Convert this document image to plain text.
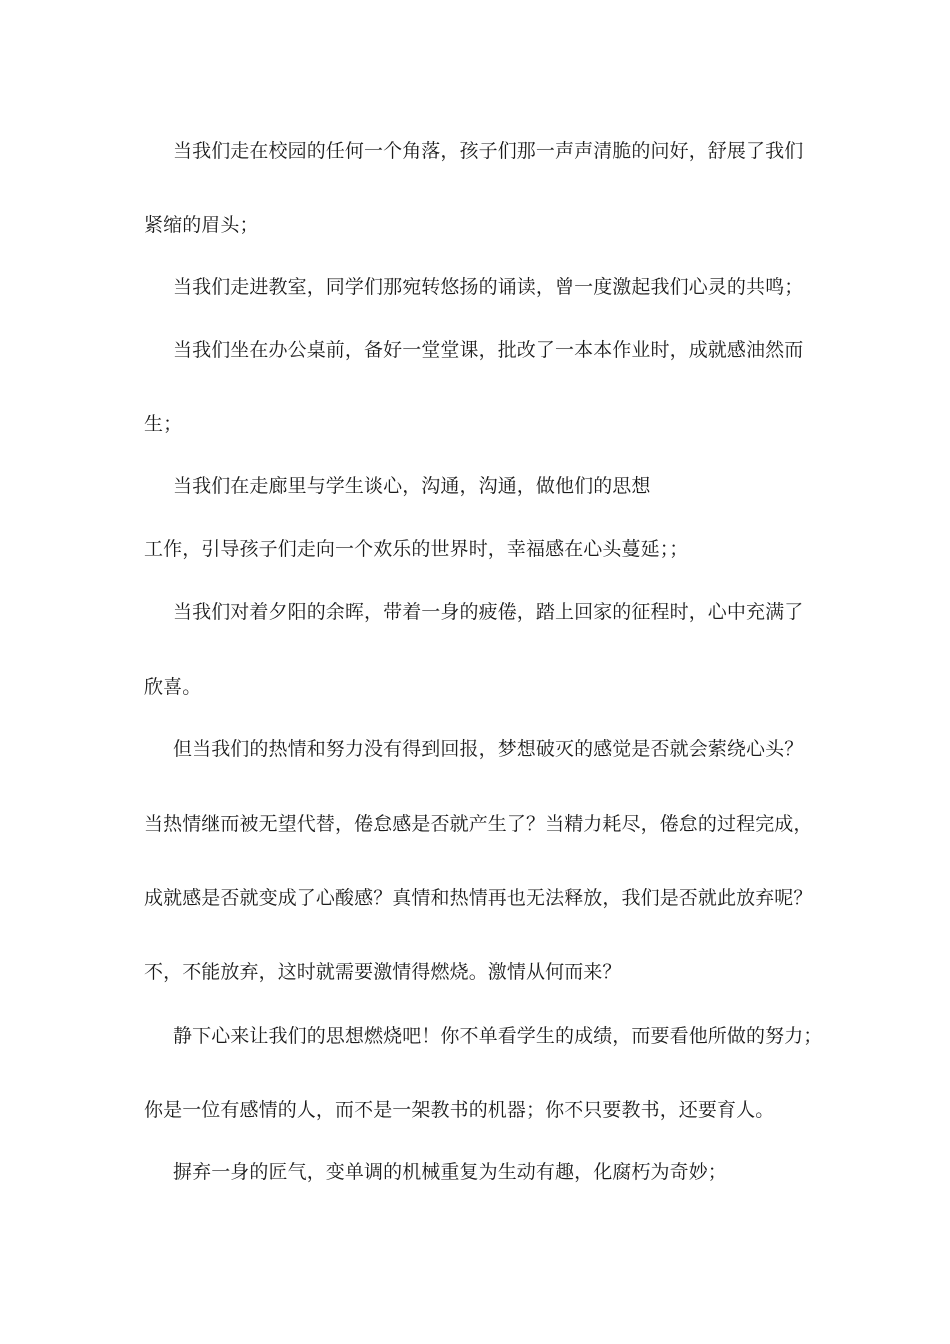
当我们走在校园的任何一个角落，孩子们那一声声清脆的问好，舒展了我们
紧缩的眉头；
当我们走进教室，同学们那宛转悠扬的诵读，曾一度激起我们心灵的共鸣；
当我们坐在办公桌前，备好一堂堂课，批改了一本本作业时，成就感油然而
生；
当我们在走廊里与学生谈心，沟通，沟通，做他们的思想
工作，引导孩子们走向一个欢乐的世界时，幸福感在心头蔓延；；
当我们对着夕阳的余晖，带着一身的疲倦，踏上回家的征程时，心中充满了
欣喜。
但当我们的热情和努力没有得到回报，梦想破灭的感觉是否就会萦绕心头？
当热情继而被无望代替，倦怠感是否就产生了？当精力耗尽，倦怠的过程完成，
成就感是否就变成了心酸感？真情和热情再也无法释放，我们是否就此放弃呢？
不，不能放弃，这时就需要激情得燃烧。激情从何而来？
静下心来让我们的思想燃烧吧！你不单看学生的成绩，而要看他所做的努力；
你是一位有感情的人，而不是一架教书的机器；你不只要教书，还要育人。
摒弃一身的匠气，变单调的机械重复为生动有趣，化腐朽为奇妙；
